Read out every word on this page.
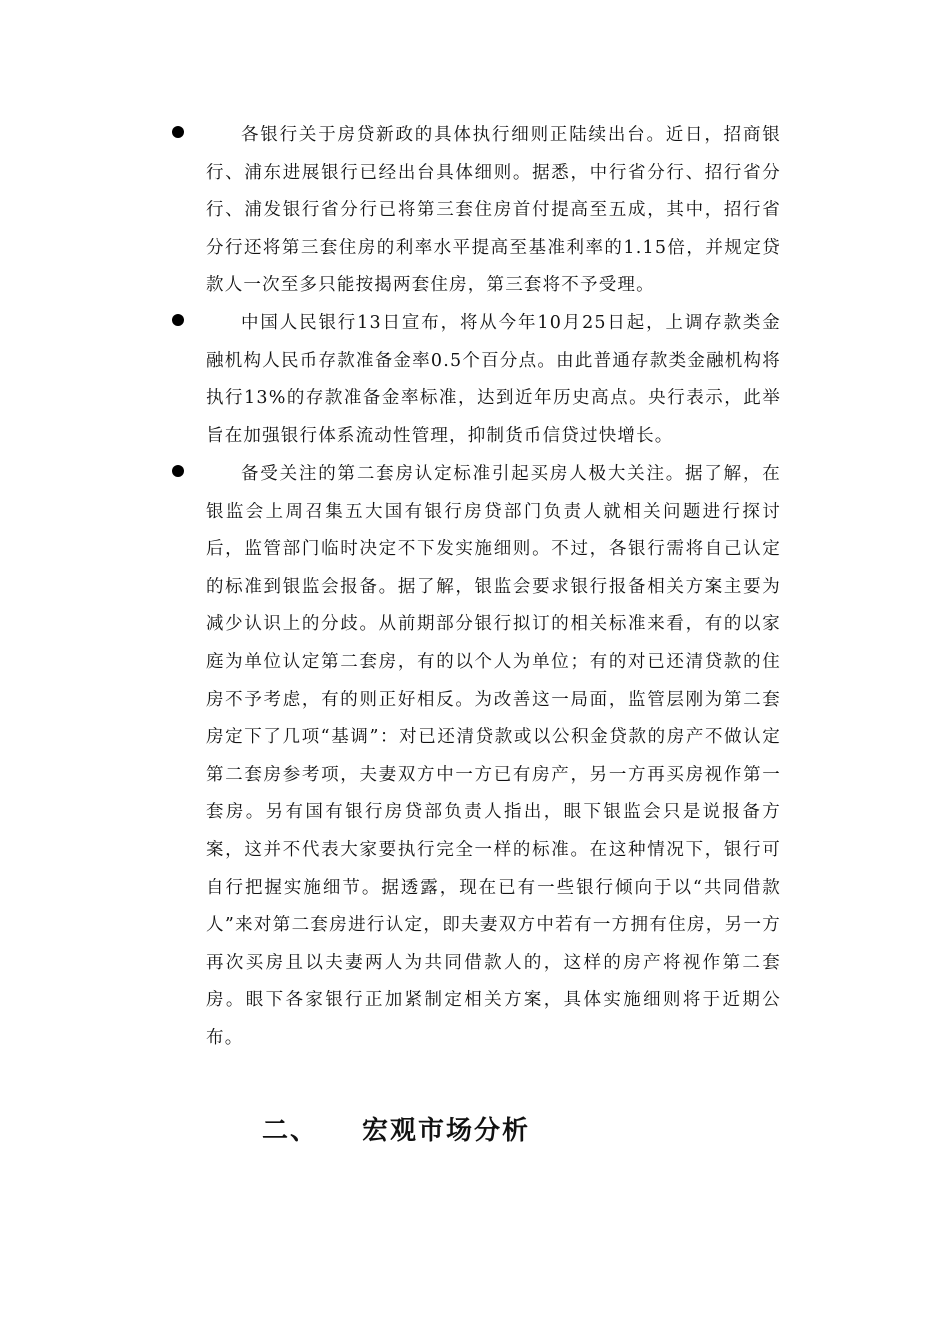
各银行关于房贷新政的具体执行细则正陆续出台。近日，招商银行、浦东进展银行已经出台具体细则。据悉，中行省分行、招行省分行、浦发银行省分行已将第三套住房首付提高至五成，其中，招行省分行还将第三套住房的利率水平提高至基准利率的1.15倍，并规定贷款人一次至多只能按揭两套住房，第三套将不予受理。
中国人民银行13日宣布，将从今年10月25日起，上调存款类金融机构人民币存款准备金率0.5个百分点。由此普通存款类金融机构将执行13%的存款准备金率标准，达到近年历史高点。央行表示，此举旨在加强银行体系流动性管理，抑制货币信贷过快增长。
备受关注的第二套房认定标准引起买房人极大关注。据了解，在银监会上周召集五大国有银行房贷部门负责人就相关问题进行探讨后，监管部门临时决定不下发实施细则。不过，各银行需将自己认定的标准到银监会报备。据了解，银监会要求银行报备相关方案主要为减少认识上的分歧。从前期部分银行拟订的相关标准来看，有的以家庭为单位认定第二套房，有的以个人为单位；有的对已还清贷款的住房不予考虑，有的则正好相反。为改善这一局面，监管层刚为第二套房定下了几项“基调”：对已还清贷款或以公积金贷款的房产不做认定第二套房参考项，夫妻双方中一方已有房产，另一方再买房视作第一套房。另有国有银行房贷部负责人指出，眼下银监会只是说报备方案，这并不代表大家要执行完全一样的标准。在这种情况下，银行可自行把握实施细节。据透露，现在已有一些银行倾向于以“共同借款人”来对第二套房进行认定，即夫妻双方中若有一方拥有住房，另一方再次买房且以夫妻两人为共同借款人的，这样的房产将视作第二套房。眼下各家银行正加紧制定相关方案，具体实施细则将于近期公布。
二、 宏观市场分析
